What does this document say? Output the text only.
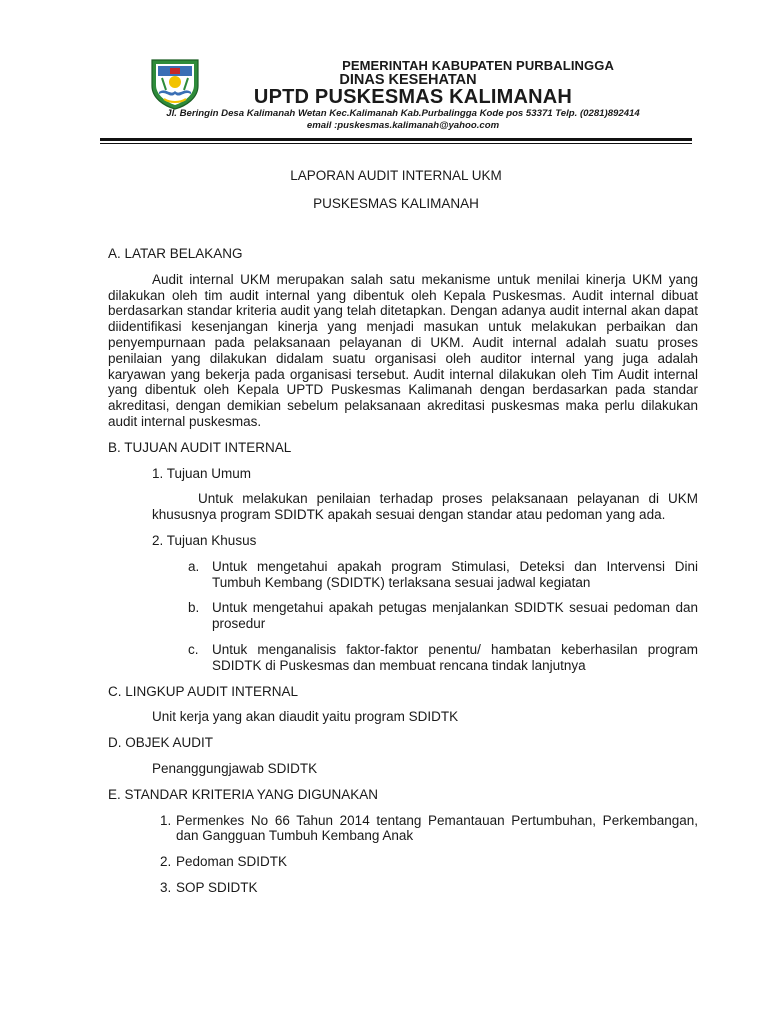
PEMERINTAH KABUPATEN PURBALINGGA
DINAS KESEHATAN
UPTD PUSKESMAS KALIMANAH
Jl. Beringin Desa Kalimanah Wetan Kec.Kalimanah Kab.Purbalingga Kode pos 53371 Telp. (0281)892414
email :puskesmas.kalimanah@yahoo.com
LAPORAN AUDIT INTERNAL UKM
PUSKESMAS KALIMANAH
A. LATAR BELAKANG
Audit internal UKM merupakan salah satu mekanisme untuk menilai kinerja UKM yang dilakukan oleh tim audit internal yang dibentuk oleh Kepala Puskesmas. Audit internal dibuat berdasarkan standar kriteria audit yang telah ditetapkan. Dengan adanya audit internal akan dapat diidentifikasi kesenjangan kinerja yang menjadi masukan untuk melakukan perbaikan dan penyempurnaan pada pelaksanaan pelayanan di UKM. Audit internal adalah suatu proses penilaian yang dilakukan didalam suatu organisasi oleh auditor internal yang juga adalah karyawan yang bekerja pada organisasi tersebut. Audit internal dilakukan oleh Tim Audit internal yang dibentuk oleh Kepala UPTD Puskesmas Kalimanah dengan berdasarkan pada standar akreditasi, dengan demikian sebelum pelaksanaan akreditasi puskesmas maka perlu dilakukan audit internal puskesmas.
B. TUJUAN AUDIT INTERNAL
1. Tujuan Umum
Untuk melakukan penilaian terhadap proses pelaksanaan pelayanan di UKM khususnya program SDIDTK apakah sesuai dengan standar atau pedoman yang ada.
2. Tujuan Khusus
a. Untuk mengetahui apakah program Stimulasi, Deteksi dan Intervensi Dini Tumbuh Kembang (SDIDTK) terlaksana sesuai jadwal kegiatan
b. Untuk mengetahui apakah petugas menjalankan SDIDTK sesuai pedoman dan prosedur
c. Untuk menganalisis faktor-faktor penentu/ hambatan keberhasilan program SDIDTK di Puskesmas dan membuat rencana tindak lanjutnya
C. LINGKUP AUDIT INTERNAL
Unit kerja yang akan diaudit yaitu program SDIDTK
D. OBJEK AUDIT
Penanggungjawab SDIDTK
E. STANDAR KRITERIA YANG DIGUNAKAN
1. Permenkes No 66 Tahun 2014 tentang Pemantauan Pertumbuhan, Perkembangan, dan Gangguan Tumbuh Kembang Anak
2. Pedoman SDIDTK
3. SOP SDIDTK
